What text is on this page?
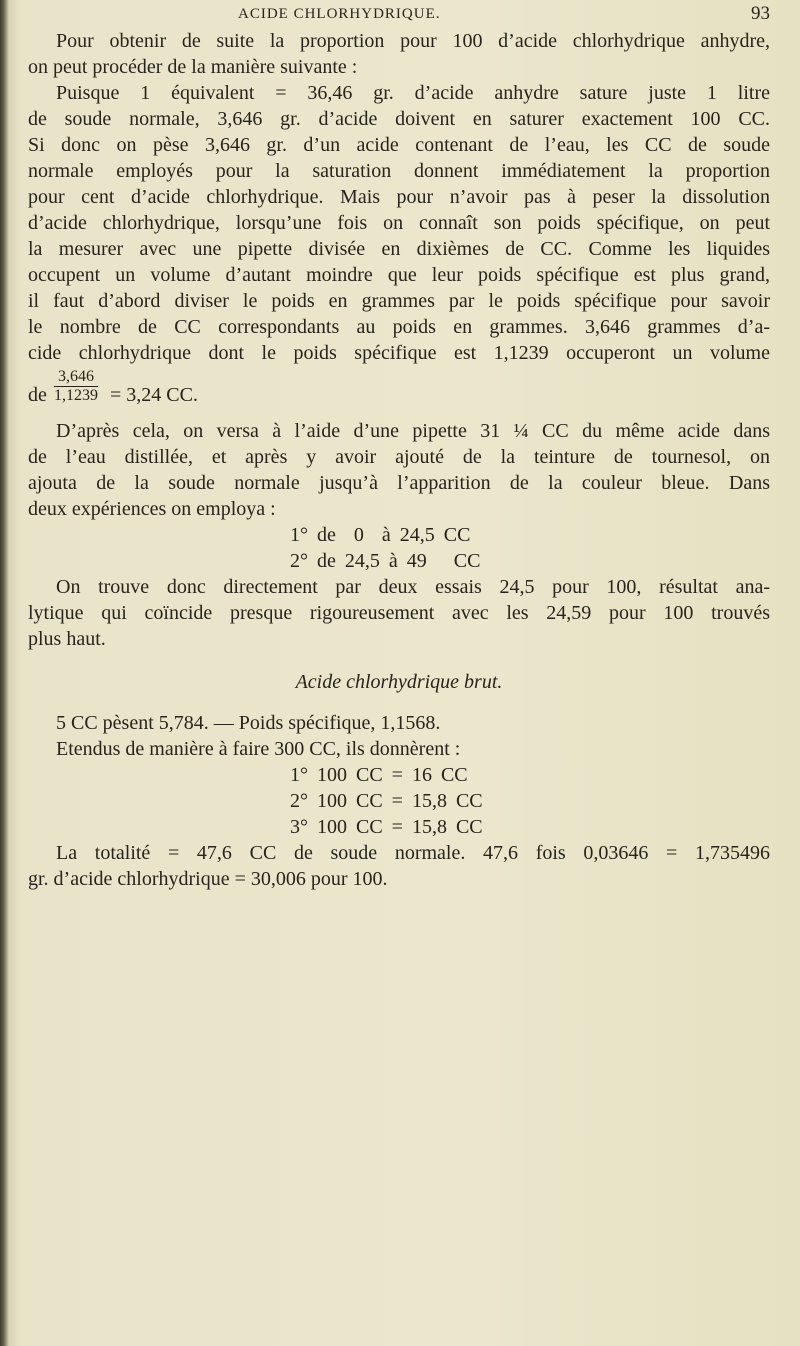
ACIDE CHLORHYDRIQUE.	93
Pour obtenir de suite la proportion pour 100 d’acide chlorhydrique anhydre,
on peut procéder de la manière suivante :
Puisque 1 équivalent = 36,46 gr. d’acide anhydre sature juste 1 litre
de soude normale, 3,646 gr. d’acide doivent en saturer exactement 100 CC.
Si donc on pèse 3,646 gr. d’un acide contenant de l’eau, les CC de soude
normale employés pour la saturation donnent immédiatement la proportion
pour cent d’acide chlorhydrique. Mais pour n’avoir pas à peser la dissolution
d’acide chlorhydrique, lorsqu’une fois on connaît son poids spécifique, on peut
la mesurer avec une pipette divisée en dixièmes de CC. Comme les liquides
occupent un volume d’autant moindre que leur poids spécifique est plus grand,
il faut d’abord diviser le poids en grammes par le poids spécifique pour savoir
le nombre de CC correspondants au poids en grammes. 3,646 grammes d’a-
cide chlorhydrique dont le poids spécifique est 1,1239 occuperont un volume
de $\frac{3,646}{1,1239} = 3,24$ CC.
D’après cela, on versa à l’aide d’une pipette 31 ¼ CC du même acide dans
de l’eau distillée, et après y avoir ajouté de la teinture de tournesol, on
ajouta de la soude normale jusqu’à l’apparition de la couleur bleue. Dans
deux expériences on employa :
1° de  0  à 24,5 CC
2° de 24,5 à 49   CC
On trouve donc directement par deux essais 24,5 pour 100, résultat ana-
lytique qui coïncide presque rigoureusement avec les 24,59 pour 100 trouvés
plus haut.
Acide chlorhydrique brut.
5 CC pèsent 5,784. — Poids spécifique, 1,1568.
Etendus de manière à faire 300 CC, ils donnèrent :
1° 100 CC = 16 CC
2° 100 CC = 15,8 CC
3° 100 CC = 15,8 CC
La totalité = 47,6 CC de soude normale. 47,6 fois 0,03646 = 1,735496
gr. d’acide chlorhydrique = 30,006 pour 100.
